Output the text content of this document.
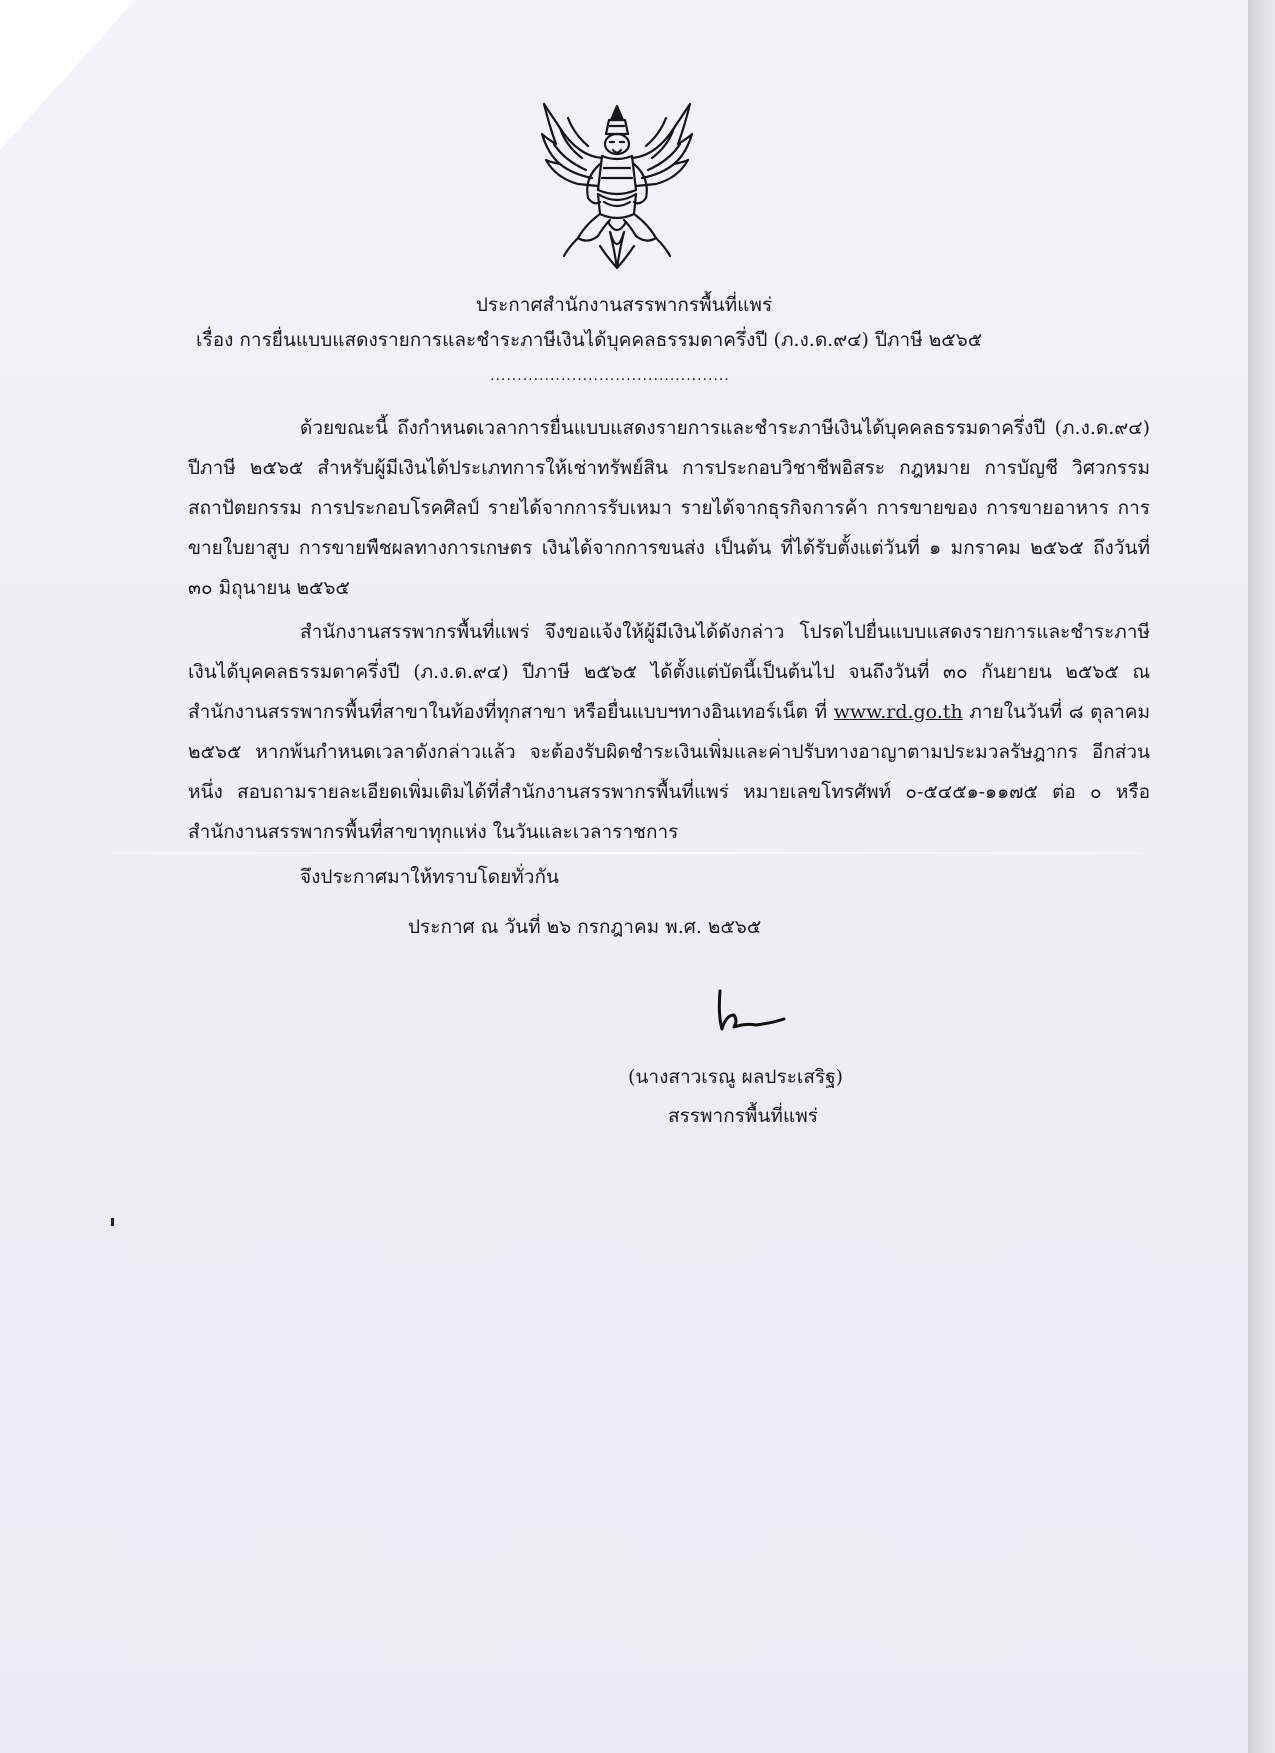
ประกาศสำนักงานสรรพากรพื้นที่แพร่
เรื่อง การยื่นแบบแสดงรายการและชำระภาษีเงินได้บุคคลธรรมดาครึ่งปี (ภ.ง.ด.๙๔) ปีภาษี ๒๕๖๕
............................................

ด้วยขณะนี้ ถึงกำหนดเวลาการยื่นแบบแสดงรายการและชำระภาษีเงินได้บุคคลธรรมดาครึ่งปี (ภ.ง.ด.๙๔) ปีภาษี ๒๕๖๕ สำหรับผู้มีเงินได้ประเภทการให้เช่าทรัพย์สิน การประกอบวิชาชีพอิสระ กฎหมาย การบัญชี วิศวกรรม สถาปัตยกรรม การประกอบโรคศิลป์ รายได้จากการรับเหมา รายได้จากธุรกิจการค้า การขายของ การขายอาหาร การขายใบยาสูบ การขายพืชผลทางการเกษตร เงินได้จากการขนส่ง เป็นต้น ที่ได้รับตั้งแต่วันที่ ๑ มกราคม ๒๕๖๕ ถึงวันที่ ๓๐ มิถุนายน ๒๕๖๕

สำนักงานสรรพากรพื้นที่แพร่ จึงขอแจ้งให้ผู้มีเงินได้ดังกล่าว โปรดไปยื่นแบบแสดงรายการและชำระภาษีเงินได้บุคคลธรรมดาครึ่งปี (ภ.ง.ด.๙๔) ปีภาษี ๒๕๖๕ ได้ตั้งแต่บัดนี้เป็นต้นไป จนถึงวันที่ ๓๐ กันยายน ๒๕๖๕ ณ สำนักงานสรรพากรพื้นที่สาขาในท้องที่ทุกสาขา หรือยื่นแบบฯทางอินเทอร์เน็ต ที่ www.rd.go.th ภายในวันที่ ๘ ตุลาคม ๒๕๖๕ หากพ้นกำหนดเวลาดังกล่าวแล้ว จะต้องรับผิดชำระเงินเพิ่มและค่าปรับทางอาญาตามประมวลรัษฎากร อีกส่วนหนึ่ง สอบถามรายละเอียดเพิ่มเติมได้ที่สำนักงานสรรพากรพื้นที่แพร่ หมายเลขโทรศัพท์ ๐-๕๔๕๑-๑๑๗๕ ต่อ ๐ หรือสำนักงานสรรพากรพื้นที่สาขาทุกแห่ง ในวันและเวลาราชการ

จึงประกาศมาให้ทราบโดยทั่วกัน
ประกาศ ณ วันที่ ๒๖ กรกฎาคม พ.ศ. ๒๕๖๕
(นางสาวเรณู ผลประเสริฐ)
สรรพากรพื้นที่แพร่
